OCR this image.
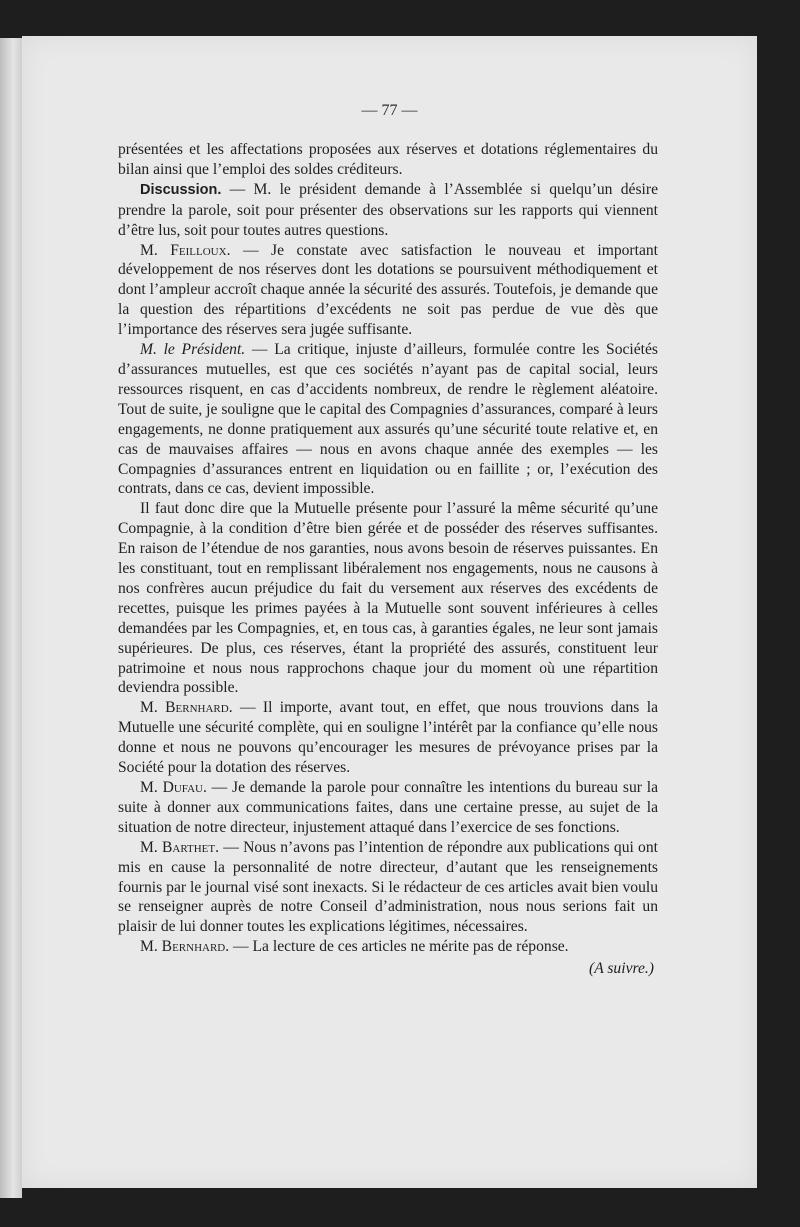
— 77 —

présentées et les affectations proposées aux réserves et dotations réglementaires du bilan ainsi que l’emploi des soldes créditeurs.

Discussion. — M. le président demande à l’Assemblée si quelqu’un désire prendre la parole, soit pour présenter des observations sur les rapports qui viennent d’être lus, soit pour toutes autres questions.

M. Feilloux. — Je constate avec satisfaction le nouveau et important développement de nos réserves dont les dotations se poursuivent méthodiquement et dont l’ampleur accroît chaque année la sécurité des assurés. Toutefois, je demande que la question des répartitions d’excédents ne soit pas perdue de vue dès que l’importance des réserves sera jugée suffisante.

M. le Président. — La critique, injuste d’ailleurs, formulée contre les Sociétés d’assurances mutuelles, est que ces sociétés n’ayant pas de capital social, leurs ressources risquent, en cas d’accidents nombreux, de rendre le règlement aléatoire. Tout de suite, je souligne que le capital des Compagnies d’assurances, comparé à leurs engagements, ne donne pratiquement aux assurés qu’une sécurité toute relative et, en cas de mauvaises affaires — nous en avons chaque année des exemples — les Compagnies d’assurances entrent en liquidation ou en faillite ; or, l’exécution des contrats, dans ce cas, devient impossible.

Il faut donc dire que la Mutuelle présente pour l’assuré la même sécurité qu’une Compagnie, à la condition d’être bien gérée et de posséder des réserves suffisantes. En raison de l’étendue de nos garanties, nous avons besoin de réserves puissantes. En les constituant, tout en remplissant libéralement nos engagements, nous ne causons à nos confrères aucun préjudice du fait du versement aux réserves des excédents de recettes, puisque les primes payées à la Mutuelle sont souvent inférieures à celles demandées par les Compagnies, et, en tous cas, à garanties égales, ne leur sont jamais supérieures. De plus, ces réserves, étant la propriété des assurés, constituent leur patrimoine et nous nous rapprochons chaque jour du moment où une répartition deviendra possible.

M. Bernhard. — Il importe, avant tout, en effet, que nous trouvions dans la Mutuelle une sécurité complète, qui en souligne l’intérêt par la confiance qu’elle nous donne et nous ne pouvons qu’encourager les mesures de prévoyance prises par la Société pour la dotation des réserves.

M. Dufau. — Je demande la parole pour connaître les intentions du bureau sur la suite à donner aux communications faites, dans une certaine presse, au sujet de la situation de notre directeur, injustement attaqué dans l’exercice de ses fonctions.

M. Barthet. — Nous n’avons pas l’intention de répondre aux publications qui ont mis en cause la personnalité de notre directeur, d’autant que les renseignements fournis par le journal visé sont inexacts. Si le rédacteur de ces articles avait bien voulu se renseigner auprès de notre Conseil d’administration, nous nous serions fait un plaisir de lui donner toutes les explications légitimes, nécessaires.

M. Bernhard. — La lecture de ces articles ne mérite pas de réponse.

(A suivre.)
